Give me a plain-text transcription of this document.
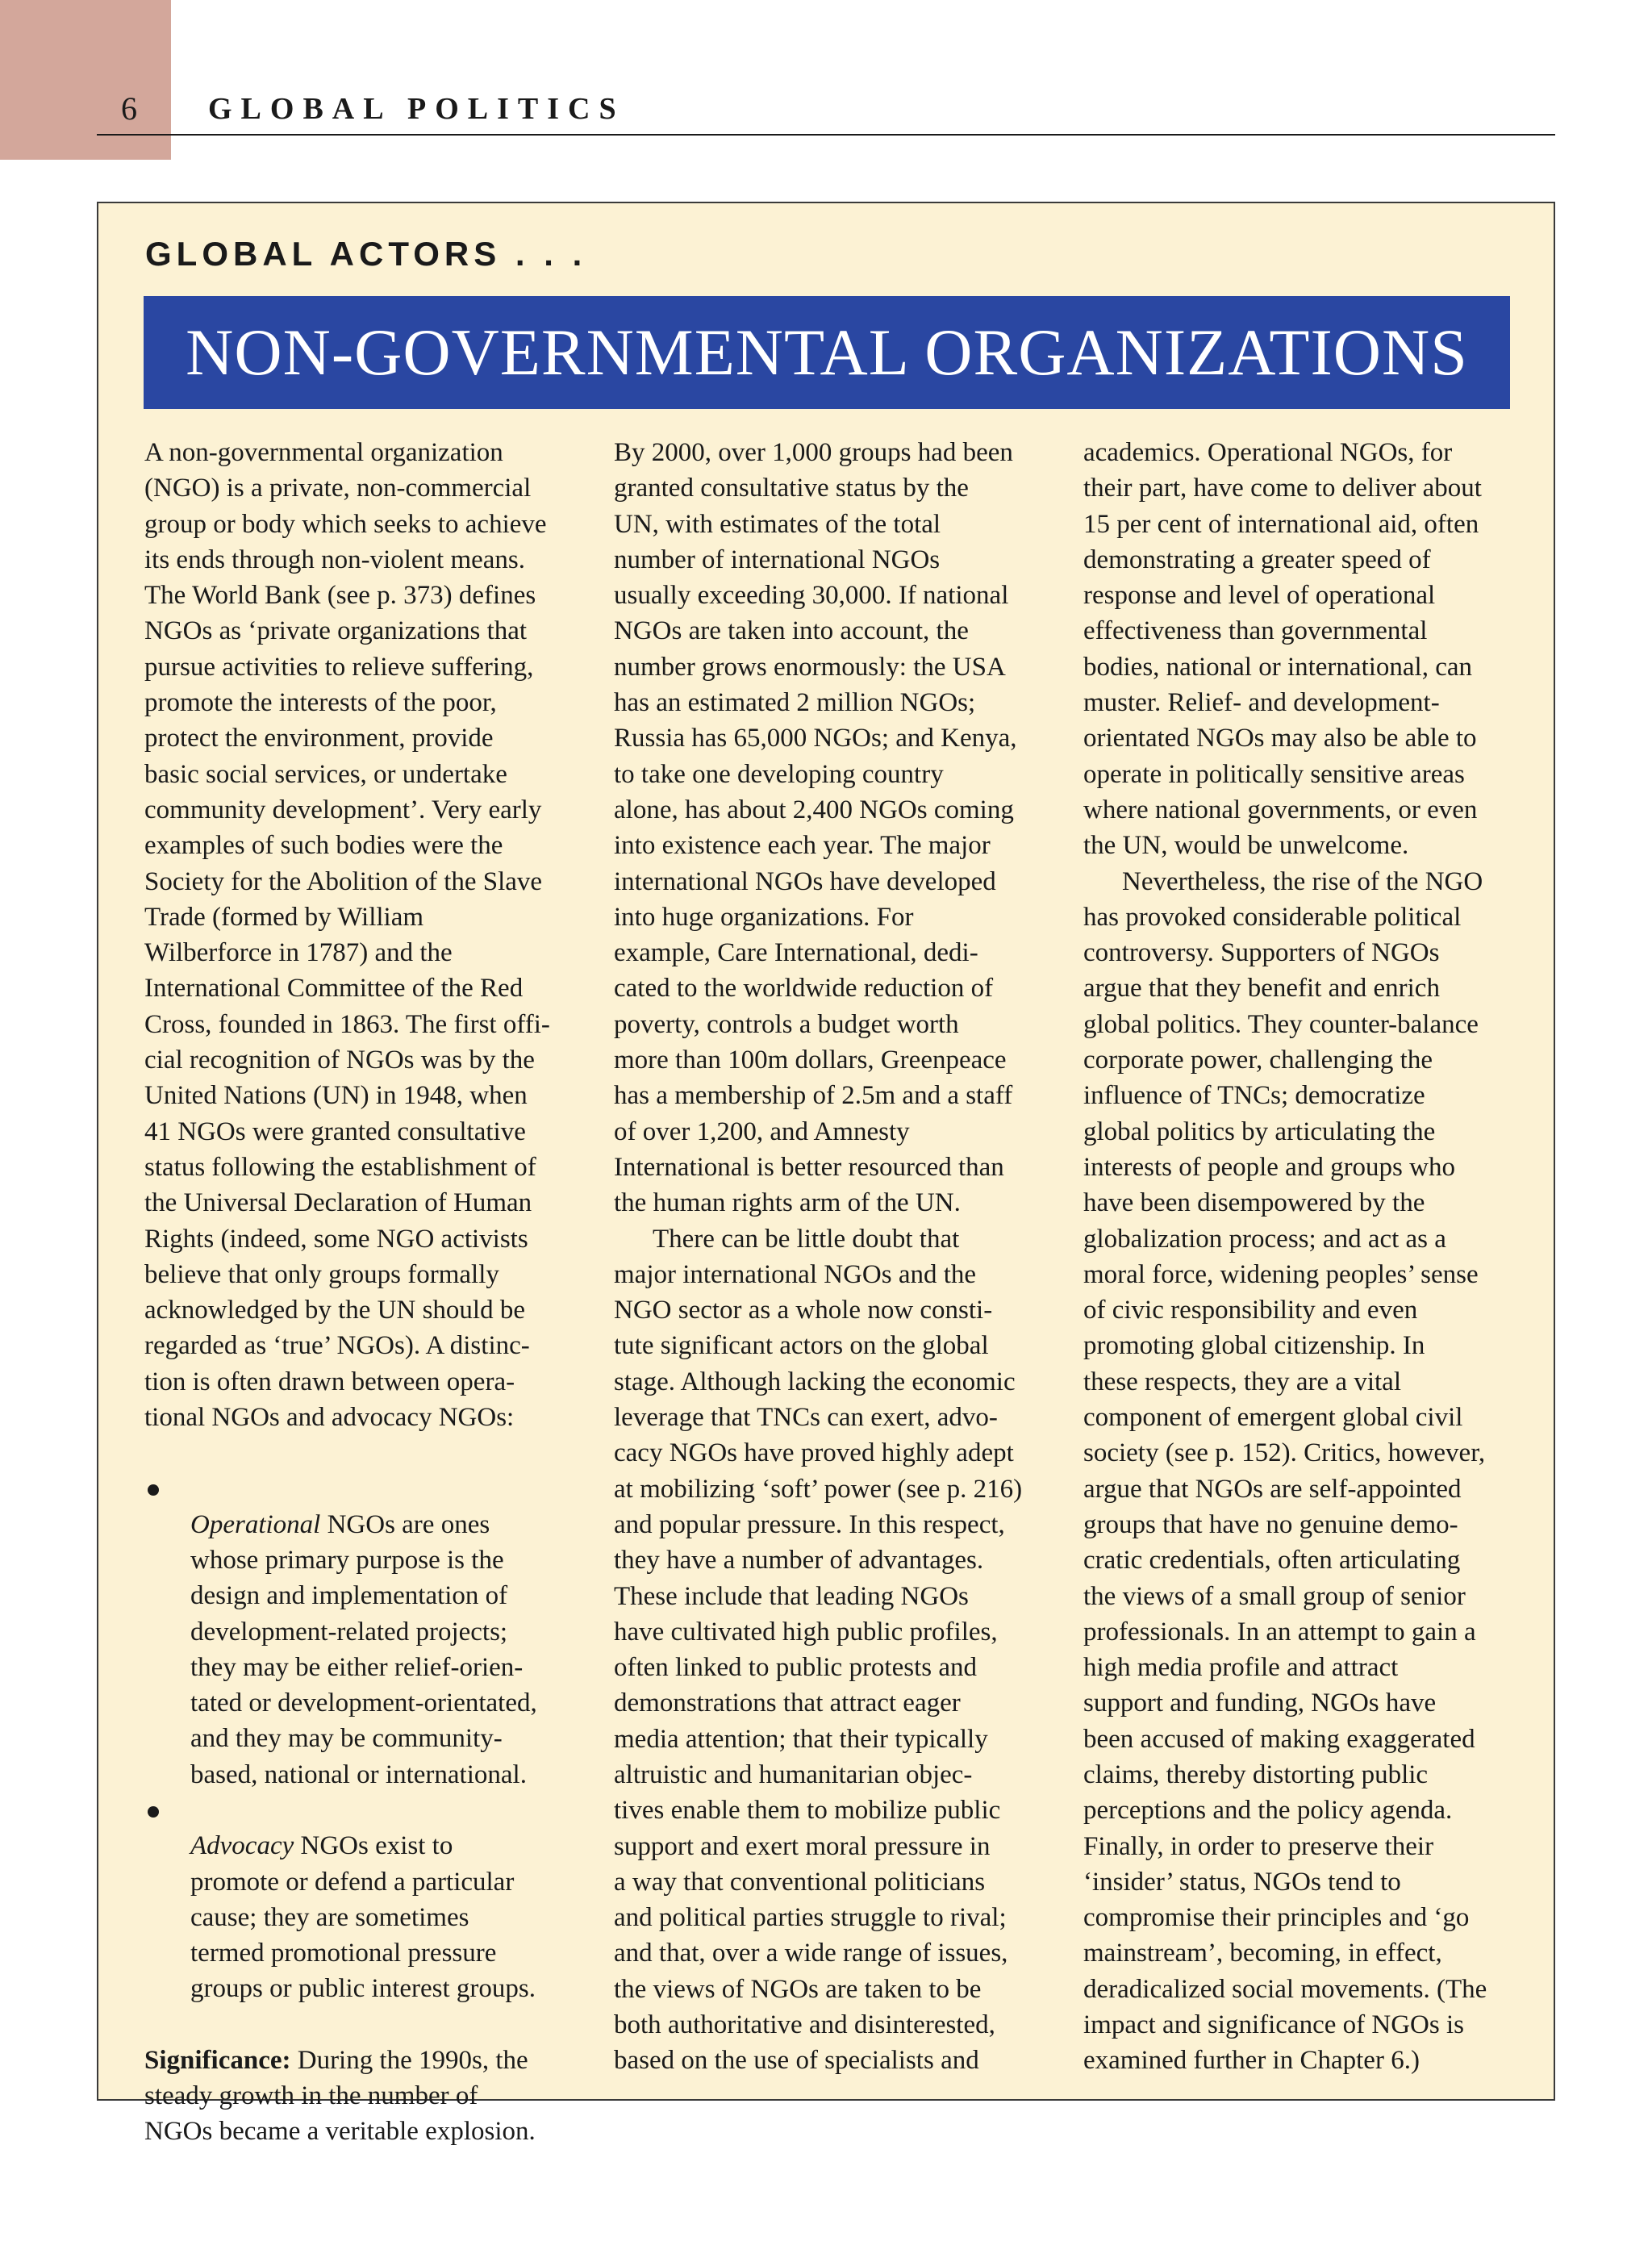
6 GLOBAL POLITICS
GLOBAL ACTORS . . .
NON-GOVERNMENTAL ORGANIZATIONS

A non-governmental organization
(NGO) is a private, non-commercial
group or body which seeks to achieve
its ends through non-violent means.
The World Bank (see p. 373) defines
NGOs as ‘private organizations that
pursue activities to relieve suffering,
promote the interests of the poor,
protect the environment, provide
basic social services, or undertake
community development’. Very early
examples of such bodies were the
Society for the Abolition of the Slave
Trade (formed by William
Wilberforce in 1787) and the
International Committee of the Red
Cross, founded in 1863. The first offi-
cial recognition of NGOs was by the
United Nations (UN) in 1948, when
41 NGOs were granted consultative
status following the establishment of
the Universal Declaration of Human
Rights (indeed, some NGO activists
believe that only groups formally
acknowledged by the UN should be
regarded as ‘true’ NGOs). A distinc-
tion is often drawn between opera-
tional NGOs and advocacy NGOs:

Operational NGOs are ones
whose primary purpose is the
design and implementation of
development-related projects;
they may be either relief-orien-
tated or development-orientated,
and they may be community-
based, national or international.

Advocacy NGOs exist to
promote or defend a particular
cause; they are sometimes
termed promotional pressure
groups or public interest groups.

Significance: During the 1990s, the
steady growth in the number of
NGOs became a veritable explosion.

By 2000, over 1,000 groups had been
granted consultative status by the
UN, with estimates of the total
number of international NGOs
usually exceeding 30,000. If national
NGOs are taken into account, the
number grows enormously: the USA
has an estimated 2 million NGOs;
Russia has 65,000 NGOs; and Kenya,
to take one developing country
alone, has about 2,400 NGOs coming
into existence each year. The major
international NGOs have developed
into huge organizations. For
example, Care International, dedi-
cated to the worldwide reduction of
poverty, controls a budget worth
more than 100m dollars, Greenpeace
has a membership of 2.5m and a staff
of over 1,200, and Amnesty
International is better resourced than
the human rights arm of the UN.

There can be little doubt that
major international NGOs and the
NGO sector as a whole now consti-
tute significant actors on the global
stage. Although lacking the economic
leverage that TNCs can exert, advo-
cacy NGOs have proved highly adept
at mobilizing ‘soft’ power (see p. 216)
and popular pressure. In this respect,
they have a number of advantages.
These include that leading NGOs
have cultivated high public profiles,
often linked to public protests and
demonstrations that attract eager
media attention; that their typically
altruistic and humanitarian objec-
tives enable them to mobilize public
support and exert moral pressure in
a way that conventional politicians
and political parties struggle to rival;
and that, over a wide range of issues,
the views of NGOs are taken to be
both authoritative and disinterested,
based on the use of specialists and

academics. Operational NGOs, for
their part, have come to deliver about
15 per cent of international aid, often
demonstrating a greater speed of
response and level of operational
effectiveness than governmental
bodies, national or international, can
muster. Relief- and development-
orientated NGOs may also be able to
operate in politically sensitive areas
where national governments, or even
the UN, would be unwelcome.

Nevertheless, the rise of the NGO
has provoked considerable political
controversy. Supporters of NGOs
argue that they benefit and enrich
global politics. They counter-balance
corporate power, challenging the
influence of TNCs; democratize
global politics by articulating the
interests of people and groups who
have been disempowered by the
globalization process; and act as a
moral force, widening peoples’ sense
of civic responsibility and even
promoting global citizenship. In
these respects, they are a vital
component of emergent global civil
society (see p. 152). Critics, however,
argue that NGOs are self-appointed
groups that have no genuine demo-
cratic credentials, often articulating
the views of a small group of senior
professionals. In an attempt to gain a
high media profile and attract
support and funding, NGOs have
been accused of making exaggerated
claims, thereby distorting public
perceptions and the policy agenda.
Finally, in order to preserve their
‘insider’ status, NGOs tend to
compromise their principles and ‘go
mainstream’, becoming, in effect,
deradicalized social movements. (The
impact and significance of NGOs is
examined further in Chapter 6.)
